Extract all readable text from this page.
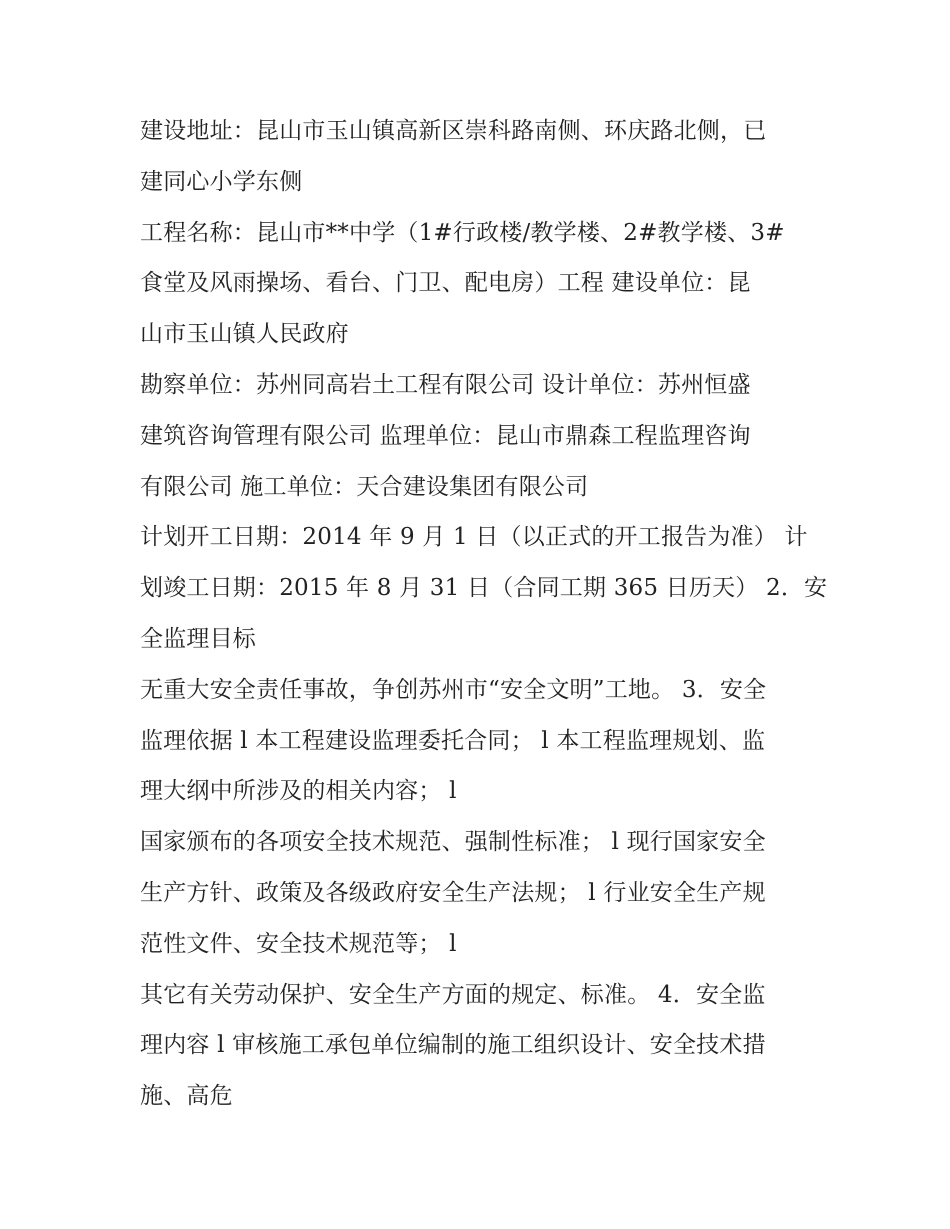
建设地址：昆山市玉山镇高新区崇科路南侧、环庆路北侧，已
建同心小学东侧
工程名称：昆山市**中学（1#行政楼/教学楼、2#教学楼、3#
食堂及风雨操场、看台、门卫、配电房）工程 建设单位：昆
山市玉山镇人民政府
勘察单位：苏州同高岩土工程有限公司 设计单位：苏州恒盛
建筑咨询管理有限公司 监理单位：昆山市鼎森工程监理咨询
有限公司 施工单位：天合建设集团有限公司
计划开工日期：2014 年 9 月 1 日（以正式的开工报告为准） 计
划竣工日期：2015 年 8 月 31 日（合同工期 365 日历天） 2．安
全监理目标
无重大安全责任事故，争创苏州市“安全文明”工地。 3．安全
监理依据 l 本工程建设监理委托合同； l 本工程监理规划、监
理大纲中所涉及的相关内容； l
国家颁布的各项安全技术规范、强制性标准； l 现行国家安全
生产方针、政策及各级政府安全生产法规； l 行业安全生产规
范性文件、安全技术规范等； l
其它有关劳动保护、安全生产方面的规定、标准。 4．安全监
理内容 l 审核施工承包单位编制的施工组织设计、安全技术措
施、高危
